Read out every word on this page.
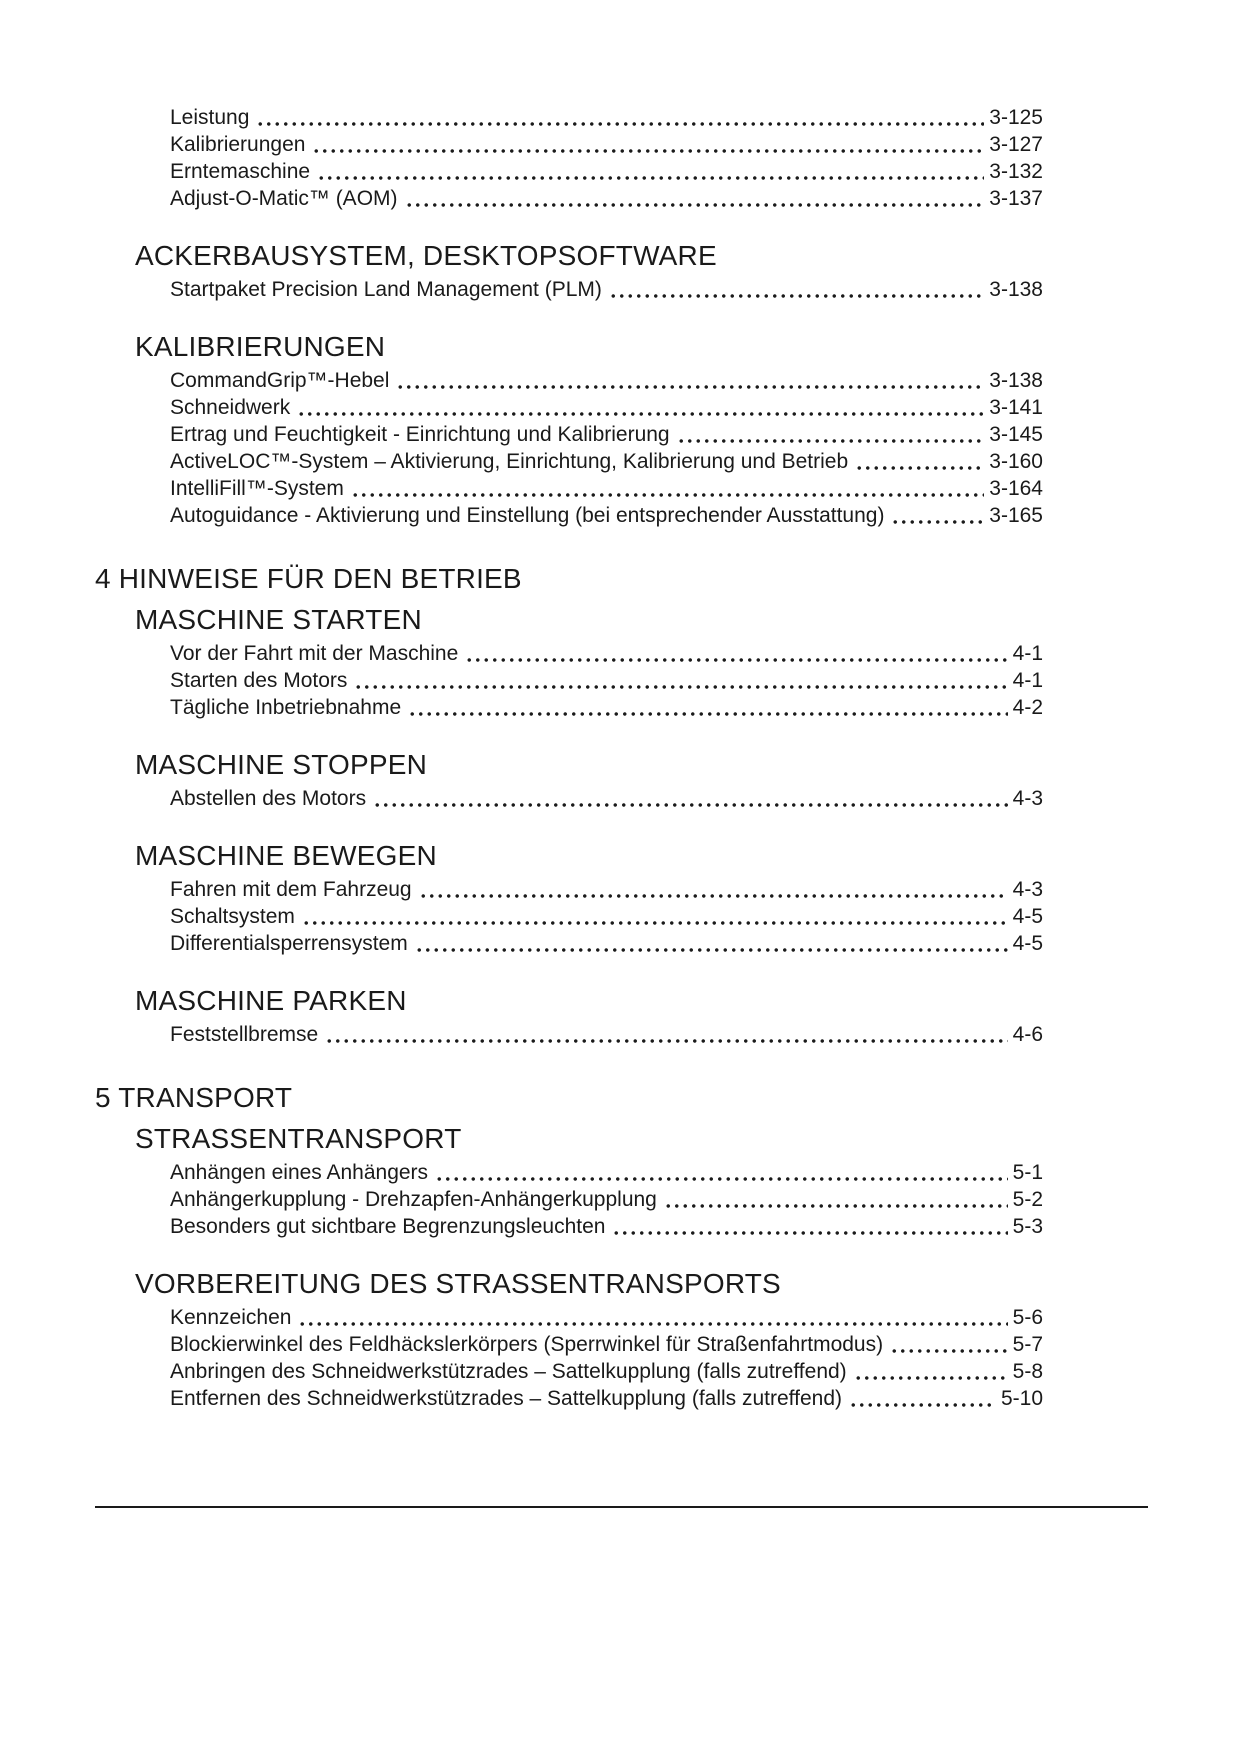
Leistung	3-125
Kalibrierungen	3-127
Erntemaschine	3-132
Adjust-O-Matic™ (AOM)	3-137
ACKERBAUSYSTEM, DESKTOPSOFTWARE
Startpaket Precision Land Management (PLM)	3-138
KALIBRIERUNGEN
CommandGrip™-Hebel	3-138
Schneidwerk	3-141
Ertrag und Feuchtigkeit - Einrichtung und Kalibrierung	3-145
ActiveLOC™-System – Aktivierung, Einrichtung, Kalibrierung und Betrieb	3-160
IntelliFill™-System	3-164
Autoguidance - Aktivierung und Einstellung (bei entsprechender Ausstattung)	3-165
4 HINWEISE FÜR DEN BETRIEB
MASCHINE STARTEN
Vor der Fahrt mit der Maschine	4-1
Starten des Motors	4-1
Tägliche Inbetriebnahme	4-2
MASCHINE STOPPEN
Abstellen des Motors	4-3
MASCHINE BEWEGEN
Fahren mit dem Fahrzeug	4-3
Schaltsystem	4-5
Differentialsperrensystem	4-5
MASCHINE PARKEN
Feststellbremse	4-6
5 TRANSPORT
STRASSENTRANSPORT
Anhängen eines Anhängers	5-1
Anhängerkupplung - Drehzapfen-Anhängerkupplung	5-2
Besonders gut sichtbare Begrenzungsleuchten	5-3
VORBEREITUNG DES STRASSENTRANSPORTS
Kennzeichen	5-6
Blockierwinkel des Feldhäckslerkörpers (Sperrwinkel für Straßenfahrtmodus)	5-7
Anbringen des Schneidwerkstützrades – Sattelkupplung (falls zutreffend)	5-8
Entfernen des Schneidwerkstützrades – Sattelkupplung (falls zutreffend)	5-10
